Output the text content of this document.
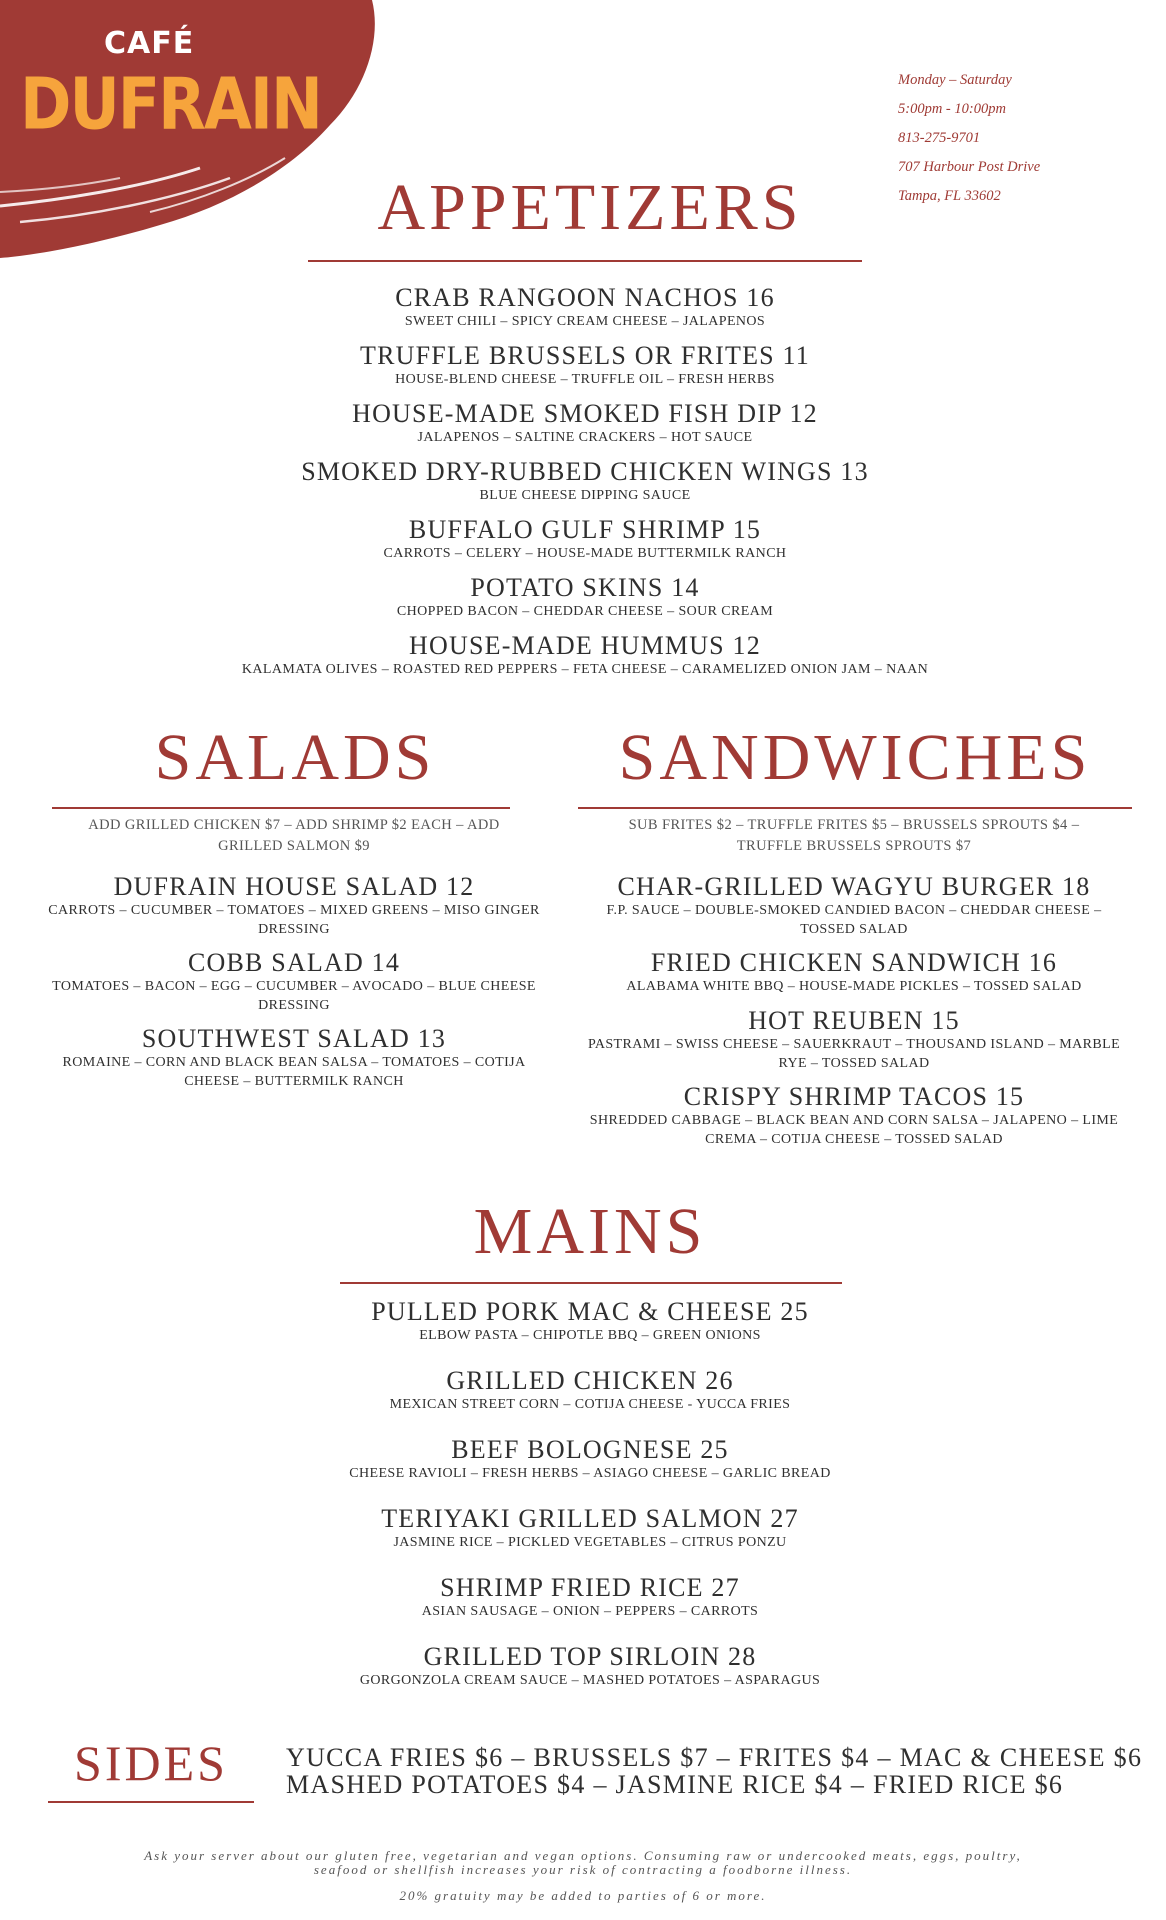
CAFÉ
DUFRAIN	Monday – Saturday
5:00pm - 10:00pm
813-275-9701
707 Harbour Post Drive
Tampa, FL 33602
APPETIZERS
CRAB RANGOON NACHOS 16
SWEET CHILI – SPICY CREAM CHEESE – JALAPENOS
TRUFFLE BRUSSELS OR FRITES 11
HOUSE-BLEND CHEESE – TRUFFLE OIL – FRESH HERBS
HOUSE-MADE SMOKED FISH DIP 12
JALAPENOS – SALTINE CRACKERS – HOT SAUCE
SMOKED DRY-RUBBED CHICKEN WINGS 13
BLUE CHEESE DIPPING SAUCE
BUFFALO GULF SHRIMP 15
CARROTS – CELERY – HOUSE-MADE BUTTERMILK RANCH
POTATO SKINS 14
CHOPPED BACON – CHEDDAR CHEESE – SOUR CREAM
HOUSE-MADE HUMMUS 12
KALAMATA OLIVES – ROASTED RED PEPPERS – FETA CHEESE – CARAMELIZED ONION JAM – NAAN
SALADS
ADD GRILLED CHICKEN $7 – ADD SHRIMP $2 EACH – ADD GRILLED SALMON $9
DUFRAIN HOUSE SALAD 12
CARROTS – CUCUMBER – TOMATOES – MIXED GREENS – MISO GINGER DRESSING
COBB SALAD 14
TOMATOES – BACON – EGG – CUCUMBER – AVOCADO – BLUE CHEESE DRESSING
SOUTHWEST SALAD 13
ROMAINE – CORN AND BLACK BEAN SALSA – TOMATOES – COTIJA CHEESE – BUTTERMILK RANCH
SANDWICHES
SUB FRITES $2 – TRUFFLE FRITES $5 – BRUSSELS SPROUTS $4 – TRUFFLE BRUSSELS SPROUTS $7
CHAR-GRILLED WAGYU BURGER 18
F.P. SAUCE – DOUBLE-SMOKED CANDIED BACON – CHEDDAR CHEESE – TOSSED SALAD
FRIED CHICKEN SANDWICH 16
ALABAMA WHITE BBQ – HOUSE-MADE PICKLES – TOSSED SALAD
HOT REUBEN 15
PASTRAMI – SWISS CHEESE – SAUERKRAUT – THOUSAND ISLAND – MARBLE RYE – TOSSED SALAD
CRISPY SHRIMP TACOS 15
SHREDDED CABBAGE – BLACK BEAN AND CORN SALSA – JALAPENO – LIME CREMA – COTIJA CHEESE – TOSSED SALAD
MAINS
PULLED PORK MAC & CHEESE 25
ELBOW PASTA – CHIPOTLE BBQ – GREEN ONIONS
GRILLED CHICKEN 26
MEXICAN STREET CORN – COTIJA CHEESE - YUCCA FRIES
BEEF BOLOGNESE 25
CHEESE RAVIOLI – FRESH HERBS – ASIAGO CHEESE – GARLIC BREAD
TERIYAKI GRILLED SALMON 27
JASMINE RICE – PICKLED VEGETABLES – CITRUS PONZU
SHRIMP FRIED RICE 27
ASIAN SAUSAGE – ONION – PEPPERS – CARROTS
GRILLED TOP SIRLOIN 28
GORGONZOLA CREAM SAUCE – MASHED POTATOES – ASPARAGUS
SIDES	YUCCA FRIES $6 – BRUSSELS $7 – FRITES $4 – MAC & CHEESE $6
MASHED POTATOES $4 – JASMINE RICE $4 – FRIED RICE $6
Ask your server about our gluten free, vegetarian and vegan options. Consuming raw or undercooked meats, eggs, poultry,
seafood or shellfish increases your risk of contracting a foodborne illness.
20% gratuity may be added to parties of 6 or more.
